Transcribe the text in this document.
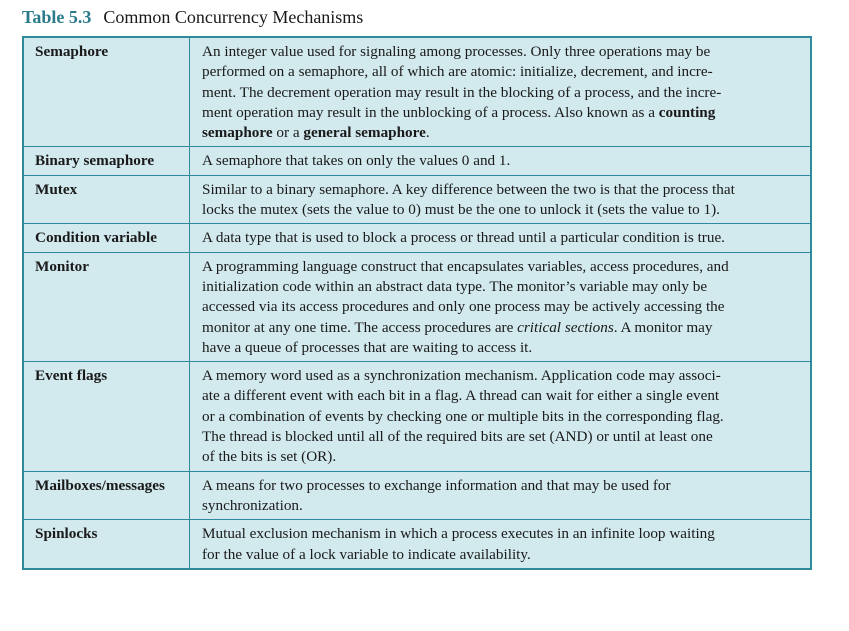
Table 5.3 Common Concurrency Mechanisms
Semaphore	An integer value used for signaling among processes. Only three operations may be
performed on a semaphore, all of which are atomic: initialize, decrement, and incre-
ment. The decrement operation may result in the blocking of a process, and the incre-
ment operation may result in the unblocking of a process. Also known as a counting
semaphore or a general semaphore.
Binary semaphore	A semaphore that takes on only the values 0 and 1.
Mutex	Similar to a binary semaphore. A key difference between the two is that the process that
locks the mutex (sets the value to 0) must be the one to unlock it (sets the value to 1).
Condition variable	A data type that is used to block a process or thread until a particular condition is true.
Monitor	A programming language construct that encapsulates variables, access procedures, and
initialization code within an abstract data type. The monitor’s variable may only be
accessed via its access procedures and only one process may be actively accessing the
monitor at any one time. The access procedures are critical sections. A monitor may
have a queue of processes that are waiting to access it.
Event flags	A memory word used as a synchronization mechanism. Application code may associ-
ate a different event with each bit in a flag. A thread can wait for either a single event
or a combination of events by checking one or multiple bits in the corresponding flag.
The thread is blocked until all of the required bits are set (AND) or until at least one
of the bits is set (OR).
Mailboxes/messages	A means for two processes to exchange information and that may be used for
synchronization.
Spinlocks	Mutual exclusion mechanism in which a process executes in an infinite loop waiting
for the value of a lock variable to indicate availability.
